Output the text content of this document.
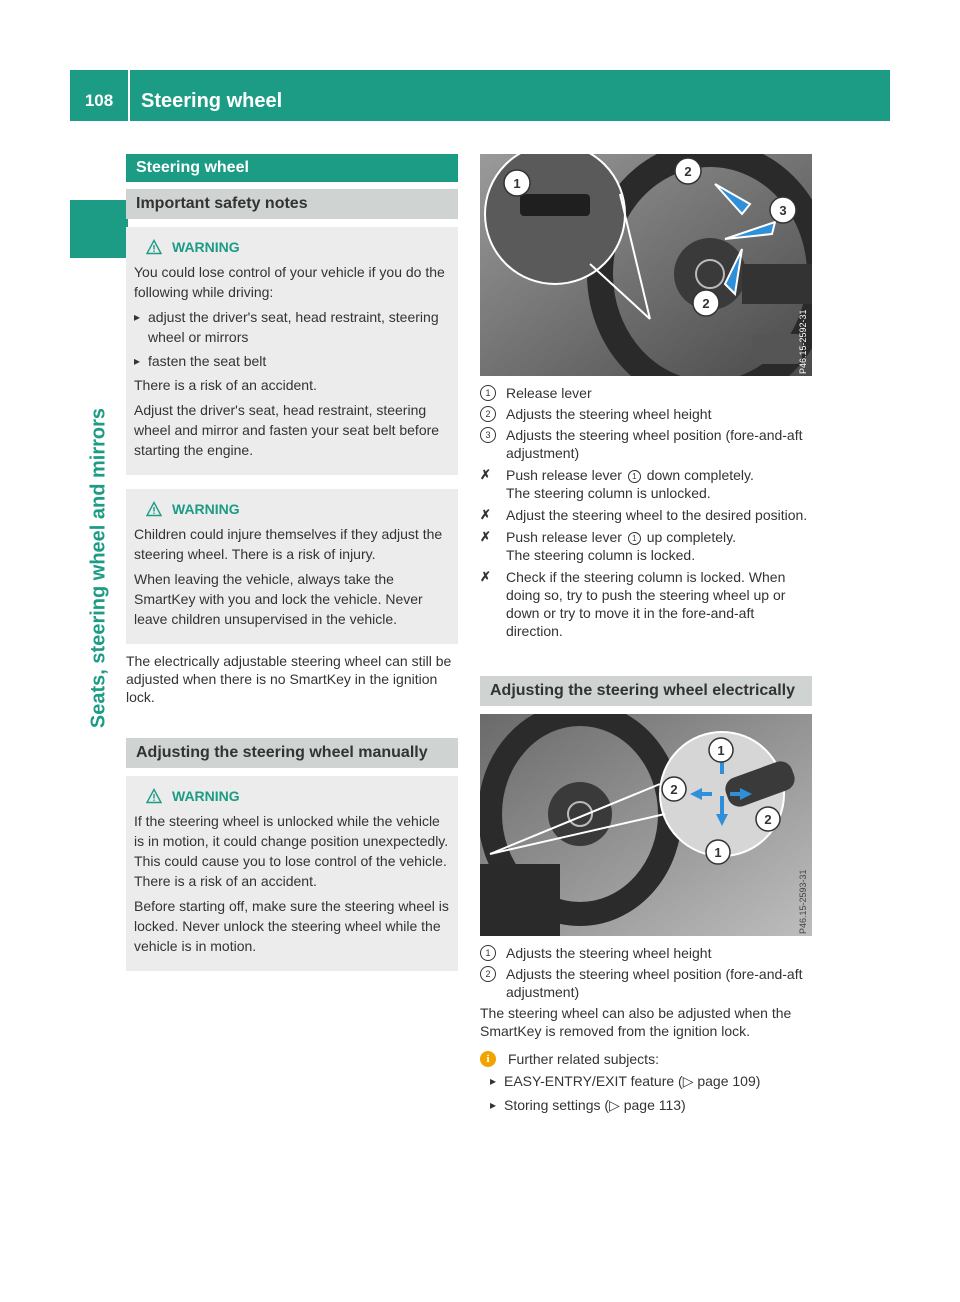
108	Steering wheel
Seats, steering wheel and mirrors
Steering wheel
Important safety notes
WARNING

You could lose control of your vehicle if you do the following while driving:

▸ adjust the driver's seat, head restraint, steering wheel or mirrors
▸ fasten the seat belt

There is a risk of an accident.

Adjust the driver's seat, head restraint, steering wheel and mirror and fasten your seat belt before starting the engine.

WARNING

Children could injure themselves if they adjust the steering wheel. There is a risk of injury.

When leaving the vehicle, always take the SmartKey with you and lock the vehicle. Never leave children unsupervised in the vehicle.

The electrically adjustable steering wheel can still be adjusted when there is no SmartKey in the ignition lock.

Adjusting the steering wheel manually
WARNING

If the steering wheel is unlocked while the vehicle is in motion, it could change position unexpectedly. This could cause you to lose control of the vehicle. There is a risk of an accident.

Before starting off, make sure the steering wheel is locked. Never unlock the steering wheel while the vehicle is in motion.

1
2
3
2
P46.15-2592-31
1	Release lever
2	Adjusts the steering wheel height
3	Adjusts the steering wheel position (fore-and-aft adjustment)
✗	Push release lever 1 down completely.
The steering column is unlocked.
✗	Adjust the steering wheel to the desired position.
✗	Push release lever 1 up completely.
The steering column is locked.
✗	Check if the steering column is locked. When doing so, try to push the steering wheel up or down or try to move it in the fore-and-aft direction.
Adjusting the steering wheel electrically
1
2
2
1
P46.15-2593-31
1	Adjusts the steering wheel height
2	Adjusts the steering wheel position (fore-and-aft adjustment)

The steering wheel can also be adjusted when the SmartKey is removed from the ignition lock.

i	Further related subjects:
▸ EASY-ENTRY/EXIT feature (▷ page 109)
▸ Storing settings (▷ page 113)
